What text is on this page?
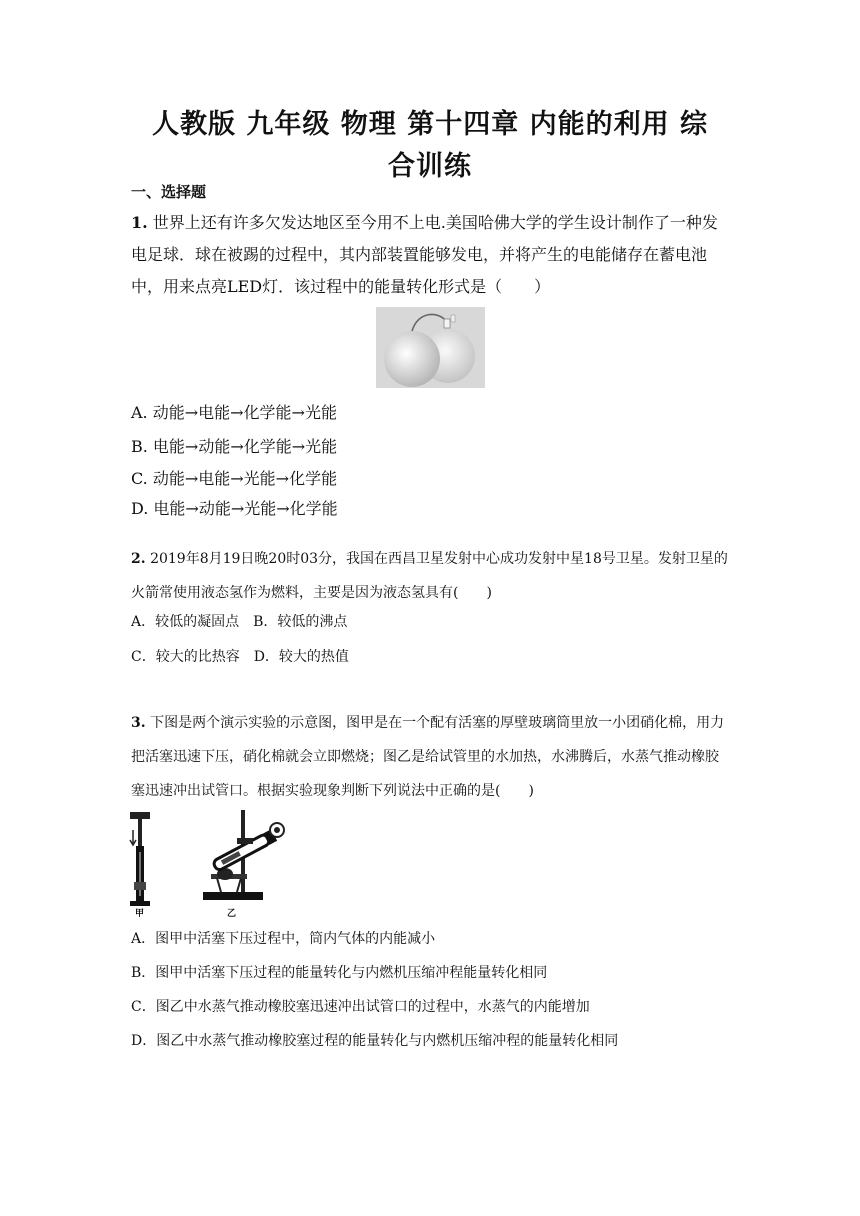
人教版 九年级 物理 第十四章 内能的利用 综
合训练
一、选择题
1. 世界上还有许多欠发达地区至今用不上电.美国哈佛大学的学生设计制作了一种发电足球．球在被踢的过程中，其内部装置能够发电，并将产生的电能储存在蓄电池中，用来点亮LED灯．该过程中的能量转化形式是（　　）
A. 动能→电能→化学能→光能
B. 电能→动能→化学能→光能
C. 动能→电能→光能→化学能
D. 电能→动能→光能→化学能
2. 2019年8月19日晚20时03分，我国在西昌卫星发射中心成功发射中星18号卫星。发射卫星的火箭常使用液态氢作为燃料，主要是因为液态氢具有(　　)
A．较低的凝固点　B．较低的沸点
C．较大的比热容　D．较大的热值
3. 下图是两个演示实验的示意图，图甲是在一个配有活塞的厚壁玻璃筒里放一小团硝化棉，用力把活塞迅速下压，硝化棉就会立即燃烧；图乙是给试管里的水加热，水沸腾后，水蒸气推动橡胶塞迅速冲出试管口。根据实验现象判断下列说法中正确的是(　　)
甲	乙
A．图甲中活塞下压过程中，筒内气体的内能减小
B．图甲中活塞下压过程的能量转化与内燃机压缩冲程能量转化相同
C．图乙中水蒸气推动橡胶塞迅速冲出试管口的过程中，水蒸气的内能增加
D．图乙中水蒸气推动橡胶塞过程的能量转化与内燃机压缩冲程的能量转化相同
